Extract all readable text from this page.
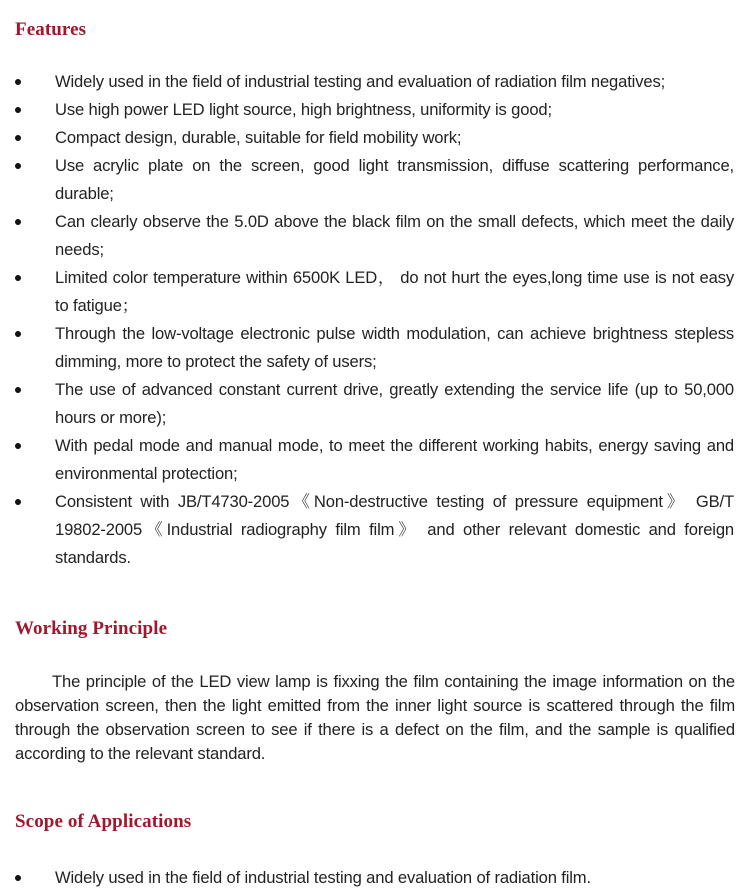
Features
Widely used in the field of industrial testing and evaluation of radiation film negatives;
Use high power LED light source, high brightness, uniformity is good;
Compact design, durable, suitable for field mobility work;
Use acrylic plate on the screen, good light transmission, diffuse scattering performance, durable;
Can clearly observe the 5.0D above the black film on the small defects, which meet the daily needs;
Limited color temperature within 6500K LED， do not hurt the eyes,long time use is not easy to fatigue；
Through the low-voltage electronic pulse width modulation, can achieve brightness stepless dimming, more to protect the safety of users;
The use of advanced constant current drive, greatly extending the service life (up to 50,000 hours or more);
With pedal mode and manual mode, to meet the different working habits, energy saving and environmental protection;
Consistent with JB/T4730-2005《Non-destructive testing of pressure equipment》 GB/T 19802-2005《Industrial radiography film film》 and other relevant domestic and foreign standards.
Working Principle

The principle of the LED view lamp is fixxing the film containing the image information on the observation screen, then the light emitted from the inner light source is scattered through the film through the observation screen to see if there is a defect on the film, and the sample is qualified according to the relevant standard.

Scope of Applications
Widely used in the field of industrial testing and evaluation of radiation film.
